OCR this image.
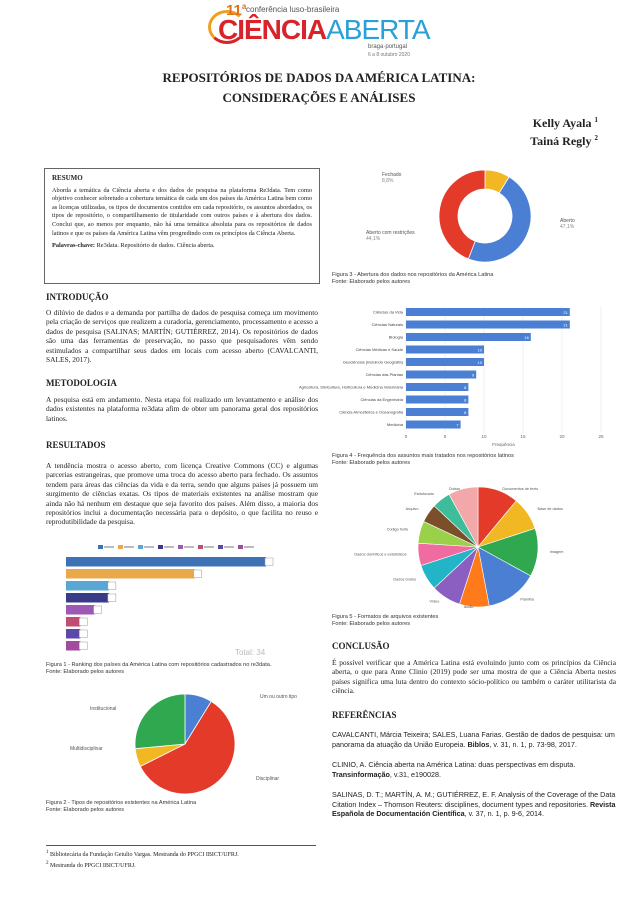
11$^a$ conferência luso-brasileira
CIÊNCIAABERTA
braga·portugal
6 a 8 outubro 2020
REPOSITÓRIOS DE DADOS DA AMÉRICA LATINA:
CONSIDERAÇÕES E ANÁLISES
Kelly Ayala $^1$
Tainá Regly $^2$
RESUMO
Aborda a temática da Ciência aberta e dos dados de pesquisa na plataforma Re3data. Tem como objetivo conhecer sobretudo a cobertura temática de cada um dos países da América Latina bem como as licenças utilizadas, os tipos de documentos contidos em cada repositório, os assuntos abordados, os tipos de repositório, o compartilhamento de titularidade com outros países e à abertura dos dados. Conclui que, ao menos por enquanto, não há uma temática absoluta para os repositórios de dados latinos e que os países da América Latina vêm progredindo com os princípios da Ciência Aberta.
Palavras-chave: Re3data. Repositório de dados. Ciência aberta.
INTRODUÇÃO
O dilúvio de dados e a demanda por partilha de dados de pesquisa começa um movimento pela criação de serviços que realizem a curadoria, gerenciamento, processamento e acesso a dados de pesquisa (SALINAS; MARTÍN; GUTIÉRREZ, 2014). Os repositórios de dados são uma das ferramentas de preservação, no passo que pesquisadores vêm sendo estimulados a compartilhar seus dados em locais com acesso aberto (CAVALCANTI, SALES, 2017).
METODOLOGIA
A pesquisa está em andamento. Nesta etapa foi realizado um levantamento e análise dos dados existentes na plataforma re3data afim de obter um panorama geral dos repositórios latinos.
RESULTADOS
A tendência mostra o acesso aberto, com licença Creative Commons (CC) e algumas parcerias estrangeiras, que promove uma troca do acesso aberto para fechado. Os assuntos tendem para áreas das ciências da vida e da terra, sendo que alguns países já possuem um surgimento de ciências exatas. Os tipos de materiais existentes na análise mostram que ainda não há nenhum em destaque que seja favorito dos países. Além disso, a maioria dos repositórios inclui a documentação necessária para o depósito, o que facilita no reuso e reprodutibilidade da pesquisa.
Total: 34
Figura 1 - Ranking dos países da América Latina com repositórios cadastrados no re3data.
Fonte: Elaborado pelos autores
Um ou outro tipo
Disciplinar
Multidisciplinar
Institucional
Figura 2 - Tipos de repositórios existentes na América Latina
Fonte: Elaborado pelos autores
$^1$ Bibliotecária da Fundação Getulio Vargas. Mestranda do PPGCI IBICT/UFRJ.
$^2$ Mestranda do PPGCI IBICT/UFRJ.
Aberto
47,1%
Aberto com restrições
44,1%
Fechado
8,8%
Figura 3 - Abertura dos dados nos repositórios da América Latina
Fonte: Elaborado pelos autores
0	5	10	15	20	25
21
Ciências da Vida
21
Ciências Naturais
16
Biologia
10
Ciências Médicas e Saúde
10
Geociências (incluindo Geografia)
9
Ciências das Plantas
8
Agricultura, Silvicultura, Horticultura e Medicina Veterinária
8
Ciências da Engenharia
8
Ciência Atmosférica e Oceanografia
7
Medicina
Frequência
Figura 4 - Frequência dos assuntos mais tratados nos repositórios latinos
Fonte: Elaborado pelos autores
Documentos de texto
Base de dados
Imagem
Planilha
Áudio
Vídeo
Dados brutos
Dados científicos e estatísticos
Código fonte
Arquivo
Estruturado
Outros
Figura 5 - Formatos de arquivos existentes
Fonte: Elaborado pelos autores
CONCLUSÃO
É possível verificar que a América Latina está evoluindo junto com os princípios da Ciência aberta, o que para Anne Clinio (2019) pode ser uma mostra de que a Ciência Aberta nestes países significa uma luta dentro do contexto sócio-político ou também o caráter utilitarista da ciência.
REFERÊNCIAS
CAVALCANTI, Márcia Teixeira; SALES, Luana Farias. Gestão de dados de pesquisa: um panorama da atuação da União Europeia. Biblos, v. 31, n. 1, p. 73-98, 2017.
CLINIO, A. Ciência aberta na América Latina: duas perspectivas em disputa. Transinformação, v.31, e190028.
SALINAS, D. T.; MARTÍN, A. M.; GUTIÉRREZ, E. F. Analysis of the Coverage of the Data Citation Index – Thomson Reuters: disciplines, document types and repositories. Revista Española de Documentación Científica, v. 37, n. 1, p. 9-6, 2014.
